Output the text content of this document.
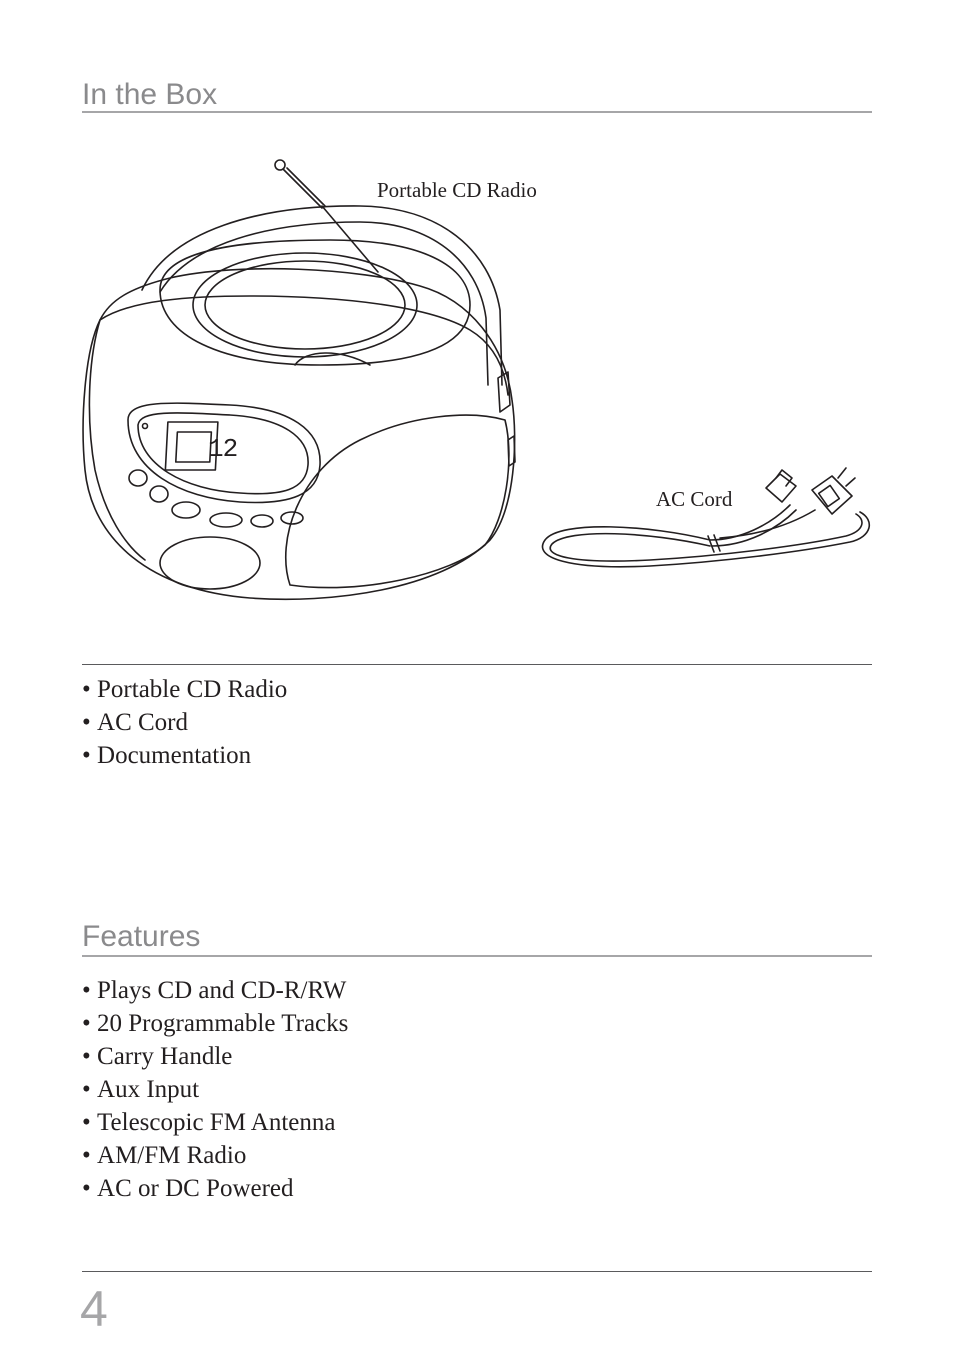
In the Box
12
Portable CD Radio
AC Cord
• Portable CD Radio
• AC Cord
• Documentation
Features
• Plays CD and CD-R/RW
• 20 Programmable Tracks
• Carry Handle
• Aux Input
• Telescopic FM Antenna
• AM/FM Radio
• AC or DC Powered
4
